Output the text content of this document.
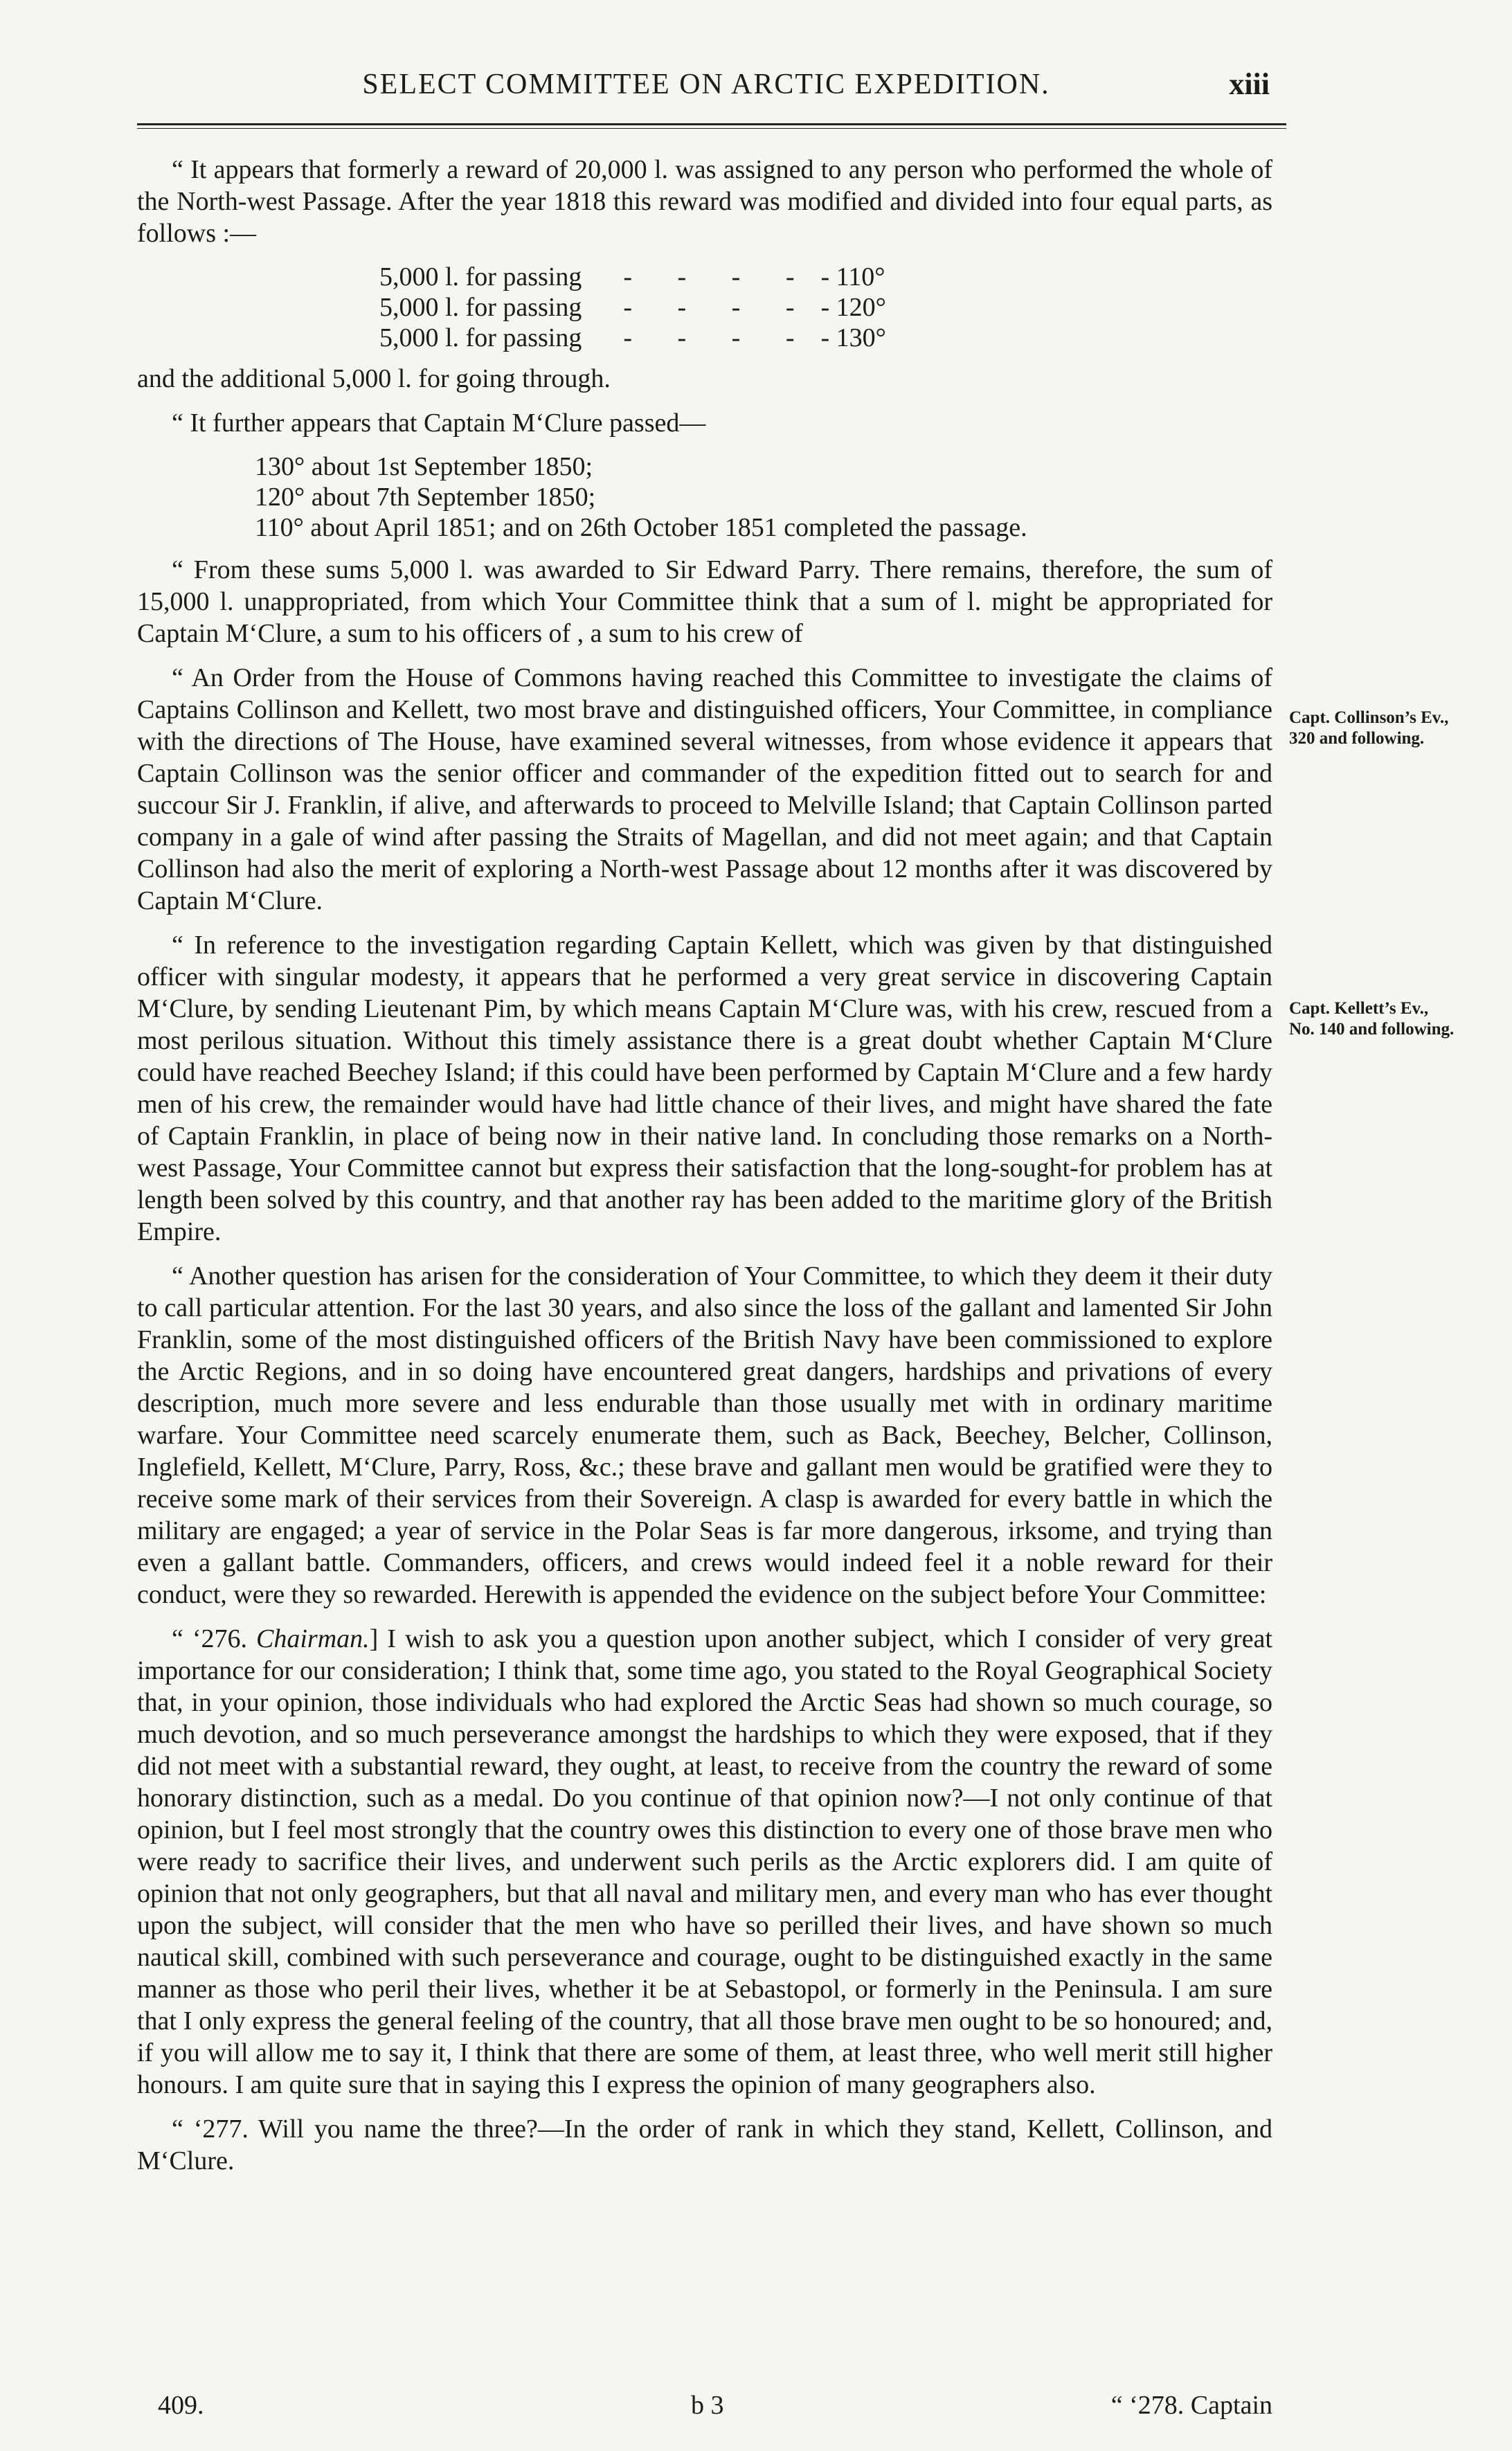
SELECT COMMITTEE ON ARCTIC EXPEDITION.	xiii

“ It appears that formerly a reward of 20,000 l. was assigned to any person who performed the whole of the North-west Passage. After the year 1818 this reward was modified and divided into four equal parts, as follows :—

5,000 l. for passing	- - - -	- 110°
5,000 l. for passing	- - - -	- 120°
5,000 l. for passing	- - - -	- 130°

and the additional 5,000 l. for going through.

“ It further appears that Captain M‘Clure passed—

130° about 1st September 1850;
120° about 7th September 1850;
110° about April 1851; and on 26th October 1851 completed the passage.

“ From these sums 5,000 l. was awarded to Sir Edward Parry. There remains, therefore, the sum of 15,000 l. unappropriated, from which Your Committee think that a sum of l. might be appropriated for Captain M‘Clure, a sum to his officers of , a sum to his crew of

“ An Order from the House of Commons having reached this Committee to investigate the claims of Captains Collinson and Kellett, two most brave and distinguished officers, Your Committee, in compliance with the directions of The House, have examined several witnesses, from whose evidence it appears that Captain Collinson was the senior officer and commander of the expedition fitted out to search for and succour Sir J. Franklin, if alive, and afterwards to proceed to Melville Island; that Captain Collinson parted company in a gale of wind after passing the Straits of Magellan, and did not meet again; and that Captain Collinson had also the merit of exploring a North-west Passage about 12 months after it was discovered by Captain M‘Clure.

“ In reference to the investigation regarding Captain Kellett, which was given by that distinguished officer with singular modesty, it appears that he performed a very great service in discovering Captain M‘Clure, by sending Lieutenant Pim, by which means Captain M‘Clure was, with his crew, rescued from a most perilous situation. Without this timely assistance there is a great doubt whether Captain M‘Clure could have reached Beechey Island; if this could have been performed by Captain M‘Clure and a few hardy men of his crew, the remainder would have had little chance of their lives, and might have shared the fate of Captain Franklin, in place of being now in their native land. In concluding those remarks on a North-west Passage, Your Committee cannot but express their satisfaction that the long-sought-for problem has at length been solved by this country, and that another ray has been added to the maritime glory of the British Empire.

“ Another question has arisen for the consideration of Your Committee, to which they deem it their duty to call particular attention. For the last 30 years, and also since the loss of the gallant and lamented Sir John Franklin, some of the most distinguished officers of the British Navy have been commissioned to explore the Arctic Regions, and in so doing have encountered great dangers, hardships and privations of every description, much more severe and less endurable than those usually met with in ordinary maritime warfare. Your Committee need scarcely enumerate them, such as Back, Beechey, Belcher, Collinson, Inglefield, Kellett, M‘Clure, Parry, Ross, &c.; these brave and gallant men would be gratified were they to receive some mark of their services from their Sovereign. A clasp is awarded for every battle in which the military are engaged; a year of service in the Polar Seas is far more dangerous, irksome, and trying than even a gallant battle. Commanders, officers, and crews would indeed feel it a noble reward for their conduct, were they so rewarded. Herewith is appended the evidence on the subject before Your Committee:

“ ‘276. Chairman.] I wish to ask you a question upon another subject, which I consider of very great importance for our consideration; I think that, some time ago, you stated to the Royal Geographical Society that, in your opinion, those individuals who had explored the Arctic Seas had shown so much courage, so much devotion, and so much perseverance amongst the hardships to which they were exposed, that if they did not meet with a substantial reward, they ought, at least, to receive from the country the reward of some honorary distinction, such as a medal. Do you continue of that opinion now?—I not only continue of that opinion, but I feel most strongly that the country owes this distinction to every one of those brave men who were ready to sacrifice their lives, and underwent such perils as the Arctic explorers did. I am quite of opinion that not only geographers, but that all naval and military men, and every man who has ever thought upon the subject, will consider that the men who have so perilled their lives, and have shown so much nautical skill, combined with such perseverance and courage, ought to be distinguished exactly in the same manner as those who peril their lives, whether it be at Sebastopol, or formerly in the Peninsula. I am sure that I only express the general feeling of the country, that all those brave men ought to be so honoured; and, if you will allow me to say it, I think that there are some of them, at least three, who well merit still higher honours. I am quite sure that in saying this I express the opinion of many geographers also.

“ ‘277. Will you name the three?—In the order of rank in which they stand, Kellett, Collinson, and M‘Clure.

Capt. Collinson’s Ev.,
320 and following.
Capt. Kellett’s Ev.,
No. 140 and following.
409.	b 3	“ ‘278. Captain
